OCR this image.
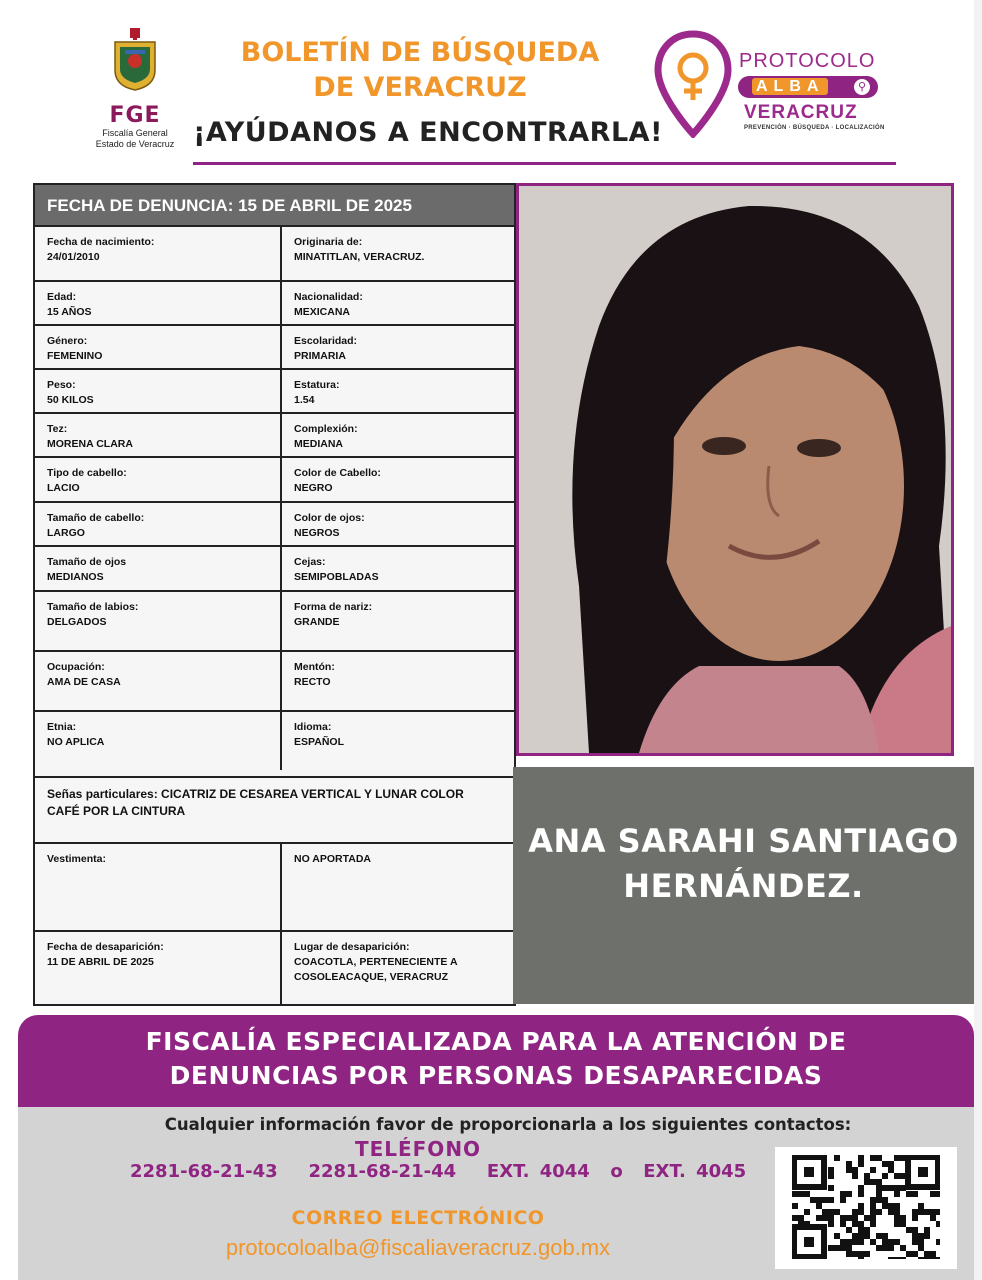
FGE
Fiscalía General
Estado de Veracruz
BOLETÍN DE BÚSQUEDA
DE VERACRUZ
¡AYÚDANOS A ENCONTRARLA!
PROTOCOLO
ALBA	⚲
VERACRUZ
PREVENCIÓN · BÚSQUEDA · LOCALIZACIÓN
FECHA DE DENUNCIA: 15 DE ABRIL DE 2025
Señas particulares: CICATRIZ DE CESAREA VERTICAL Y LUNAR COLOR CAFÉ POR LA CINTURA
Vestimenta:	NO APORTADA
Fecha de desaparición:
11 DE ABRIL DE 2025
Lugar de desaparición:
COACOTLA, PERTENECIENTE A COSOLEACAQUE, VERACRUZ
Fecha de nacimiento:
24/01/2010
Originaria de:
MINATITLAN, VERACRUZ.
Edad:
15 AÑOS
Nacionalidad:
MEXICANA
Género:
FEMENINO
Escolaridad:
PRIMARIA
Peso:
50 KILOS
Estatura:
1.54
Tez:
MORENA CLARA
Complexión:
MEDIANA
Tipo de cabello:
LACIO
Color de Cabello:
NEGRO
Tamaño de cabello:
LARGO
Color de ojos:
NEGROS
Tamaño de ojos
MEDIANOS
Cejas:
SEMIPOBLADAS
Tamaño de labios:
DELGADOS
Forma de nariz:
GRANDE
Ocupación:
AMA DE CASA
Mentón:
RECTO
Etnia:
NO APLICA
Idioma:
ESPAÑOL
ANA SARAHI SANTIAGO
HERNÁNDEZ.
FISCALÍA ESPECIALIZADA PARA LA ATENCIÓN DE
DENUNCIAS POR PERSONAS DESAPARECIDAS
Cualquier información favor de proporcionarla a los siguientes contactos:
TELÉFONO
2281-68-21-43   2281-68-21-44   EXT. 4044  o  EXT. 4045
CORREO ELECTRÓNICO
protocoloalba@fiscaliaveracruz.gob.mx
